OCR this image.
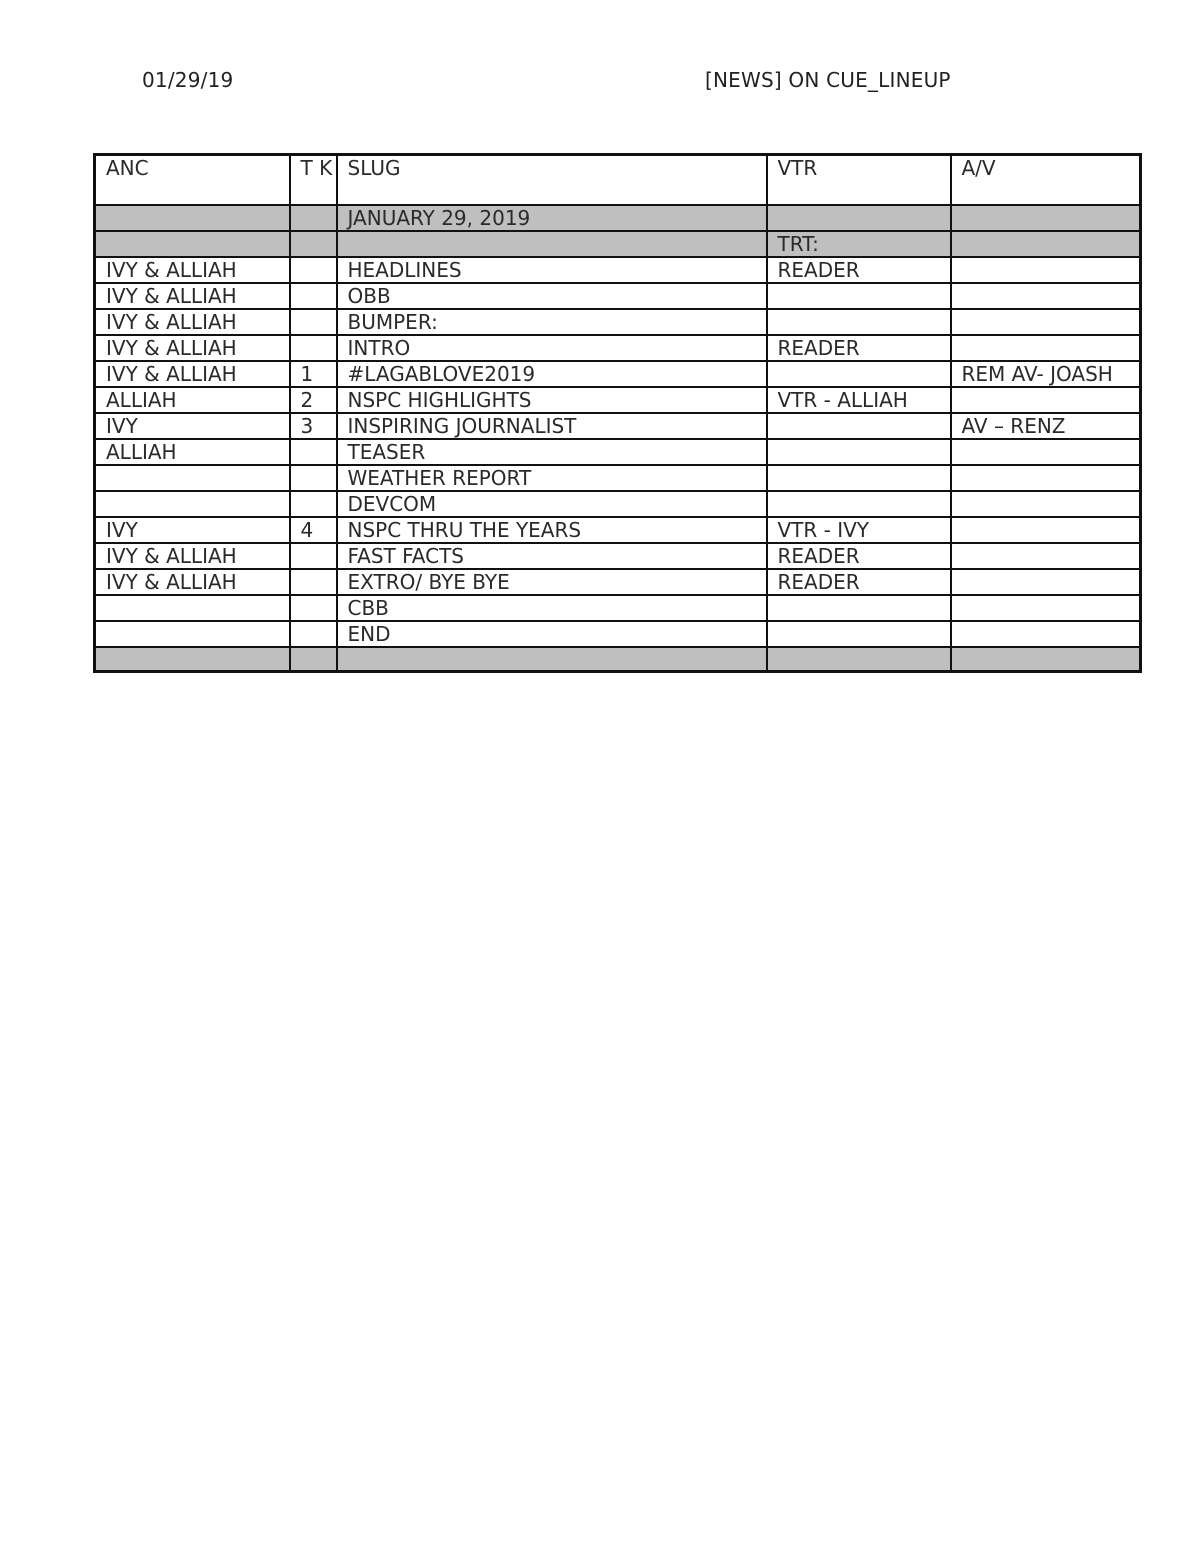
01/29/19	[NEWS] ON CUE_LINEUP
ANC	T K	SLUG	VTR	A/V
		JANUARY 29, 2019		
			TRT:	
IVY & ALLIAH		HEADLINES	READER	
IVY & ALLIAH		OBB		
IVY & ALLIAH		BUMPER:		
IVY & ALLIAH		INTRO	READER	
IVY & ALLIAH	1	#LAGABLOVE2019		REM AV- JOASH
ALLIAH	2	NSPC HIGHLIGHTS	VTR - ALLIAH	
IVY	3	INSPIRING JOURNALIST		AV – RENZ
ALLIAH		TEASER		
		WEATHER REPORT		
		DEVCOM		
IVY	4	NSPC THRU THE YEARS	VTR - IVY	
IVY & ALLIAH		FAST FACTS	READER	
IVY & ALLIAH		EXTRO/ BYE BYE	READER	
		CBB		
		END		
